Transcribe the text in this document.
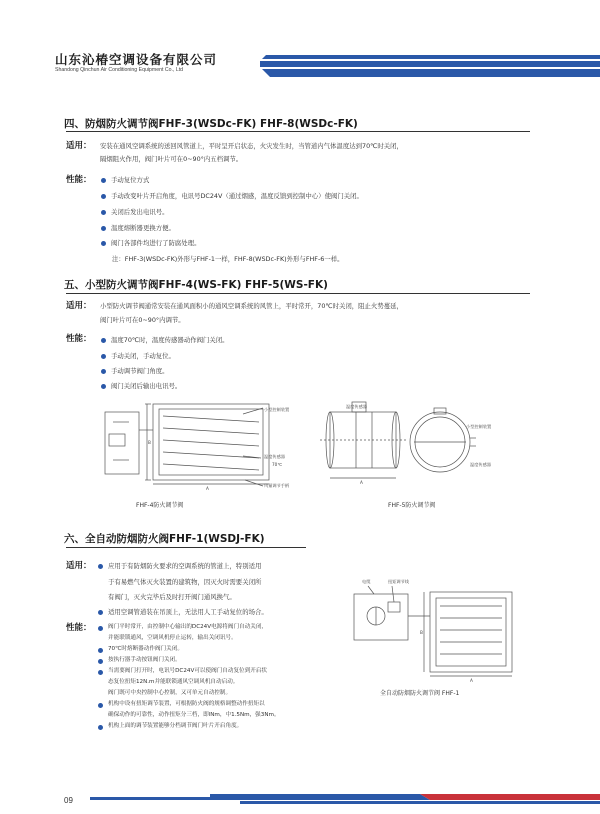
山东沁椿空调设备有限公司
Shandong Qinchun Air Conditioning Equipment Co., Ltd
四、防烟防火调节阀FHF-3(WSDc-FK) FHF-8(WSDc-FK)
适用： 安装在通风空调系统的送回风管道上，平时呈开启状态，火灾发生时，当管道内气体温度达到70℃时关闭，
隔烟阻火作用，阀门叶片可在0~90°内五档调节。
性能：	手动复位方式
手动改变叶片开启角度，电讯号DC24V（通过烟感，温度反馈到控制中心）使阀门关闭。
关闭后发出电讯号。
温度熔断器更换方便。
阀门各部件均进行了防腐处理。
注：FHF-3(WSDc-FK)外形与FHF-1一样，FHF-8(WSDc-FK)外形与FHF-6一样。
五、小型防火调节阀FHF-4(WS-FK) FHF-5(WS-FK)
适用： 小型防火调节阀通常安装在通风面积小的通风空调系统的风管上，平时常开，70℃时关闭，阻止火势蔓延，
阀门叶片可在0~90°内调节。
性能：	温度70℃时，温度传感器动作阀门关闭。
手动关闭，手动复位。
手动调节阀门角度。
阀门关闭后输出电讯号。
小型控制装置
温度传感器
70℃
风量调节手柄
A
B
FHF-4防火调节阀
温度传感器
小型控制装置
温度传感器
A
FHF-5防火调节阀
六、全自动防烟防火阀FHF-1(WSDJ-FK)
适用：	应用于有防烟防火要求的空调系统的管道上，特别适用
于有易燃气体灭火装置的建筑物，因灭火时需要关闭所
有阀门，灭火完毕后及时打开阀门通风换气。
适用空调管道装在吊顶上，无法用人工手动复位的场合。
性能：	阀门平时常开，由控制中心输出的DC24V电源将阀门自动关闭，
并能联锁通风，空调风机停止运转，输出关闭讯号。
70℃时熔断器动作阀门关闭。
按执行器手动按钮阀门关闭。
当需要阀门打开时，电讯号DC24V可以使阀门自动复位到开启状
态复位扭矩12N.m并能联锁通风空调风机自动启动。
阀门既可中央控制中心控制，又可单元自动控制。
机构中设有扭矩调节装置，可根据防火阀的规格调整动作扭矩以
确保动作的可靠性，动作扭矩分三档，即lNm，中1.5Nm，强3Nm。
机构上面的调节装置能够分档调节阀门叶片开启角度。
电缆	扭矩调节线
A
B
全自动防烟防火调节阀 FHF-1
09
